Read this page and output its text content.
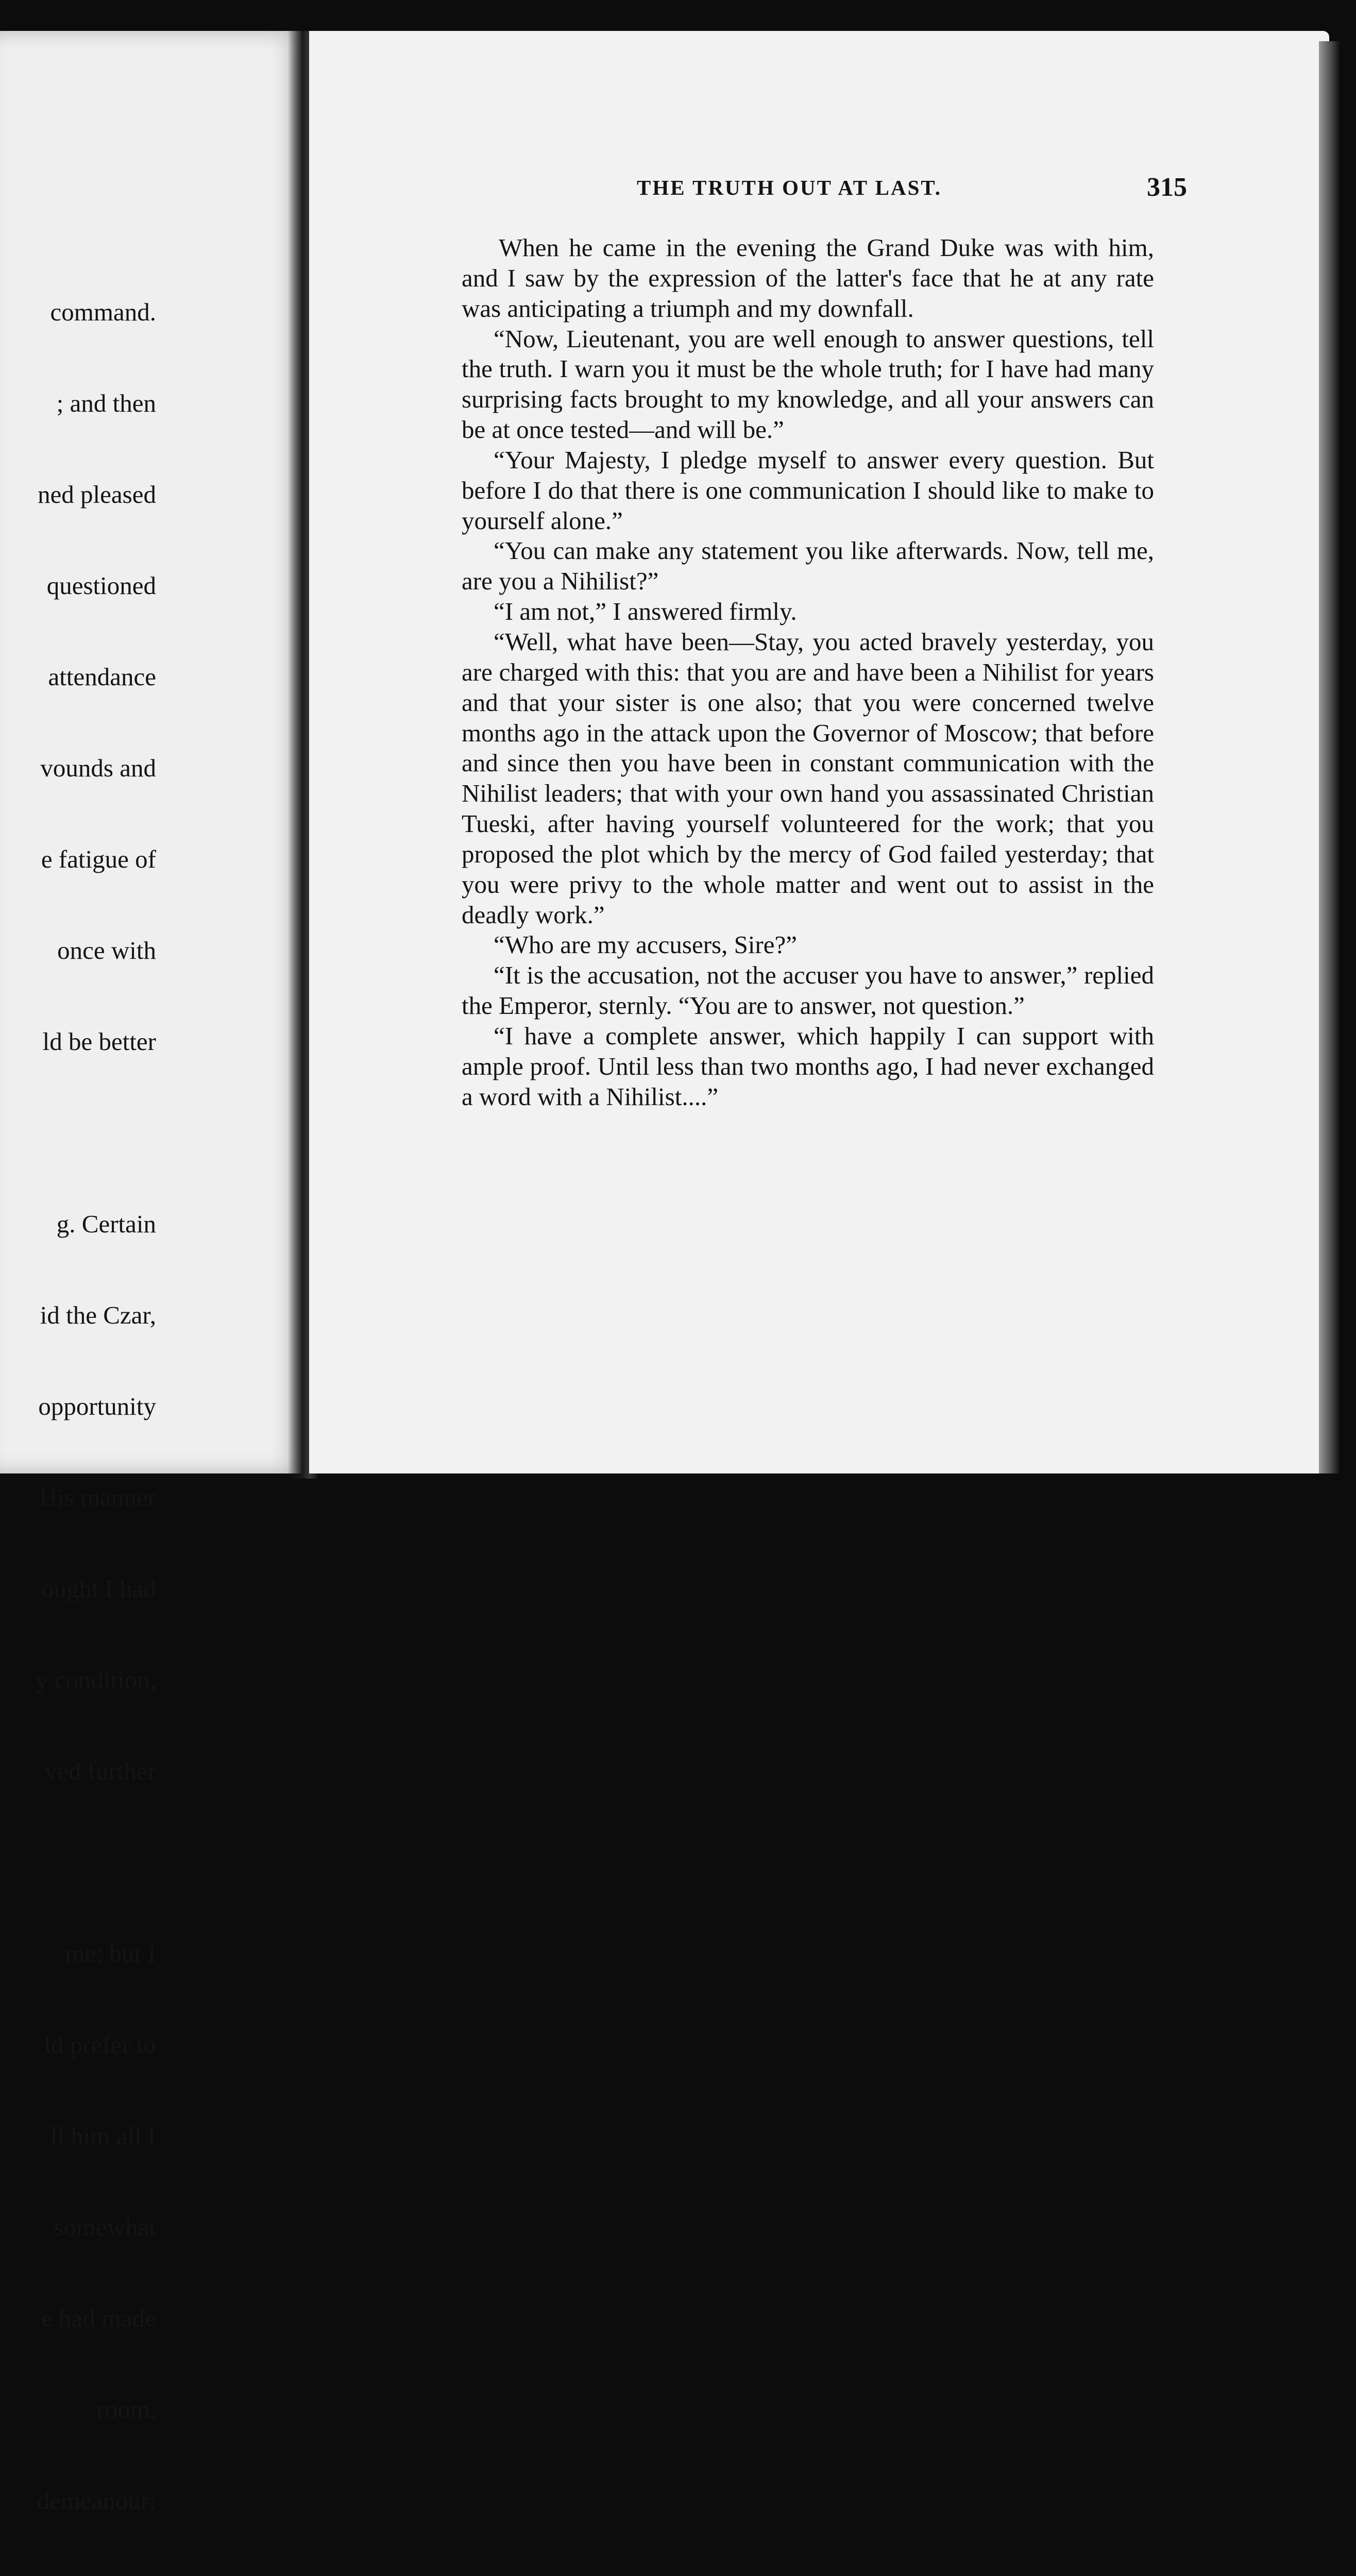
command.

; and then

ned pleased

questioned

attendance

vounds and

e fatigue of

once with

ld be better

g. Certain

id the Czar,

opportunity

His manner

ought I had

y condition,

ved further

me; but I

ld prefer to

ll him all I

somewhat

e had made

room.

demeanour;

THE TRUTH OUT AT LAST.	315

When he came in the evening the Grand Duke was with him, and I saw by the expression of the latter's face that he at any rate was anticipating a triumph and my downfall.

“Now, Lieutenant, you are well enough to answer questions, tell the truth. I warn you it must be the whole truth; for I have had many surprising facts brought to my knowledge, and all your answers can be at once tested—and will be.”

“Your Majesty, I pledge myself to answer every question. But before I do that there is one communication I should like to make to yourself alone.”

“You can make any statement you like afterwards. Now, tell me, are you a Nihilist?”

“I am not,” I answered firmly.

“Well, what have been—Stay, you acted bravely yesterday, you are charged with this: that you are and have been a Nihilist for years and that your sister is one also; that you were concerned twelve months ago in the attack upon the Governor of Moscow; that before and since then you have been in constant communication with the Nihilist leaders; that with your own hand you assassinated Christian Tueski, after having yourself volunteered for the work; that you proposed the plot which by the mercy of God failed yesterday; that you were privy to the whole matter and went out to assist in the deadly work.”

“Who are my accusers, Sire?”

“It is the accusation, not the accuser you have to answer,” replied the Emperor, sternly. “You are to answer, not question.”

“I have a complete answer, which happily I can support with ample proof. Until less than two months ago, I had never exchanged a word with a Nihilist....”
